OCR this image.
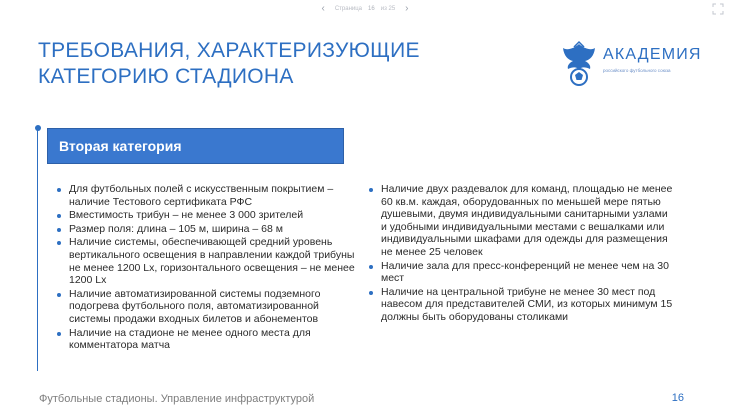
‹	Страница 16 из 25	›
ТРЕБОВАНИЯ, ХАРАКТЕРИЗУЮЩИЕ
КАТЕГОРИЮ СТАДИОНА
АКАДЕМИЯ
российского футбольного союза
Вторая категория
Для футбольных полей с искусственным покрытием – наличие Тестового сертификата РФС
Вместимость трибун – не менее 3 000 зрителей
Размер поля: длина – 105 м, ширина – 68 м
Наличие системы, обеспечивающей средний уровень вертикального освещения в направлении каждой трибуны не менее 1200 Lx, горизонтального освещения – не менее 1200 Lx
Наличие автоматизированной системы подземного подогрева футбольного поля, автоматизированной системы продажи входных билетов и абонементов
Наличие на стадионе не менее одного места для комментатора матча
Наличие двух раздевалок для команд, площадью не менее 60 кв.м. каждая, оборудованных по меньшей мере пятью душевыми, двумя индивидуальными санитарными узлами и удобными индивидуальными местами с вешалками или индивидуальными шкафами для одежды для размещения не менее 25 человек
Наличие зала для пресс-конференций не менее чем на 30 мест
Наличие на центральной трибуне не менее 30 мест под навесом для представителей СМИ, из которых минимум 15 должны быть оборудованы столиками
Футбольные стадионы. Управление инфраструктурой	16
